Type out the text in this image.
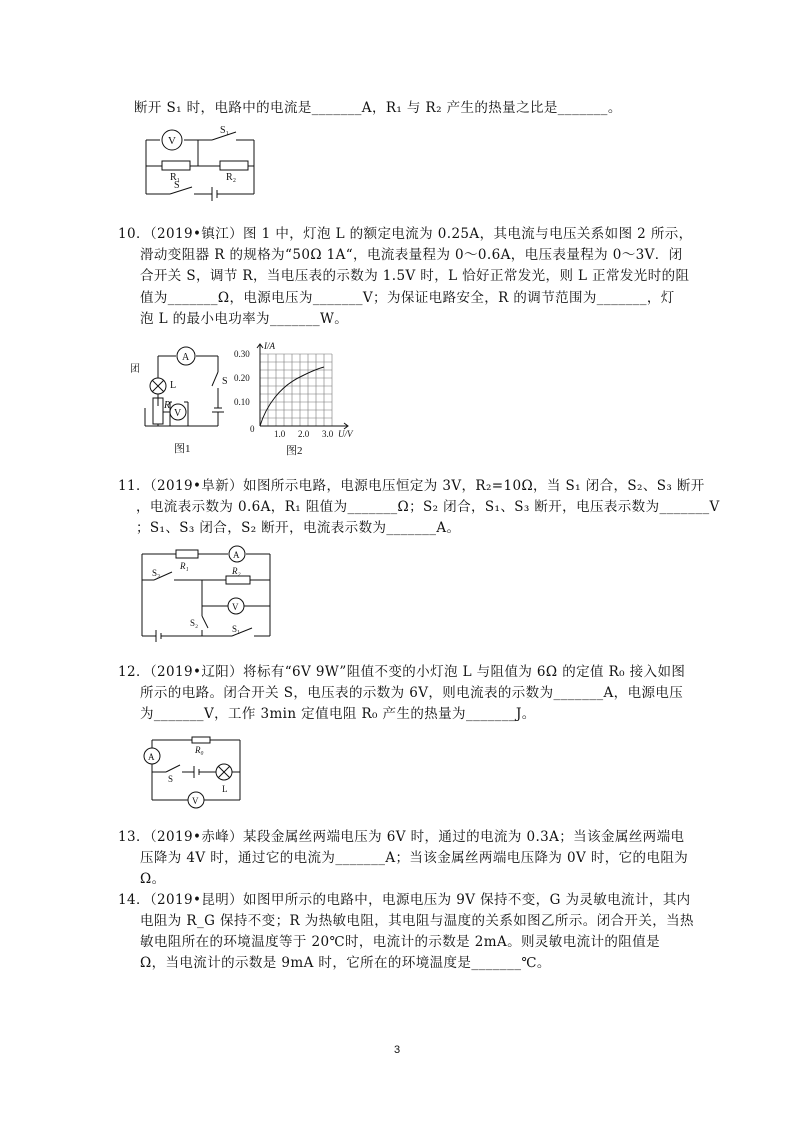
断开 S₁ 时，电路中的电流是_______A，R₁ 与 R₂ 产生的热量之比是_______。
V
S₁
R₁	R₂
S
10．（2019•镇江）图 1 中，灯泡 L 的额定电流为 0.25A，其电流与电压关系如图 2 所示，
滑动变阻器 R 的规格为“50Ω 1A“，电流表量程为 0～0.6A，电压表量程为 0～3V．闭
合开关 S，调节 R，当电压表的示数为 1.5V 时，L 恰好正常发光，则 L 正常发光时的阻
值为_______Ω，电源电压为_______V；为保证电路安全，R 的调节范围为_______，灯
泡 L 的最小电功率为_______W。
A
L	S
R
V
团
图1
I/A
0.30
0.20
0.10
0 1.0 2.0 3.0 U/V
图2
11．（2019•阜新）如图所示电路，电源电压恒定为 3V，R₂=10Ω，当 S₁ 闭合，S₂、S₃ 断开
，电流表示数为 0.6A，R₁ 阻值为_______Ω；S₂ 闭合，S₁、S₃ 断开，电压表示数为_______V
；S₁、S₃ 闭合，S₂ 断开，电流表示数为_______A。
R₁
A
S₃	R₂
V
S₂
S₁
12．（2019•辽阳）将标有“6V 9W”阻值不变的小灯泡 L 与阻值为 6Ω 的定值 R₀ 接入如图
所示的电路。闭合开关 S，电压表的示数为 6V，则电流表的示数为_______A，电源电压
为_______V，工作 3min 定值电阻 R₀ 产生的热量为_______J。
A
R₀
S
L
V
13．（2019•赤峰）某段金属丝两端电压为 6V 时，通过的电流为 0.3A；当该金属丝两端电
压降为 4V 时，通过它的电流为_______A；当该金属丝两端电压降为 0V 时，它的电阻为
Ω。
14．（2019•昆明）如图甲所示的电路中，电源电压为 9V 保持不变，G 为灵敏电流计，其内
电阻为 R_G 保持不变；R 为热敏电阻，其电阻与温度的关系如图乙所示。闭合开关，当热
敏电阻所在的环境温度等于 20℃时，电流计的示数是 2mA。则灵敏电流计的阻值是
Ω，当电流计的示数是 9mA 时，它所在的环境温度是_______℃。
3
